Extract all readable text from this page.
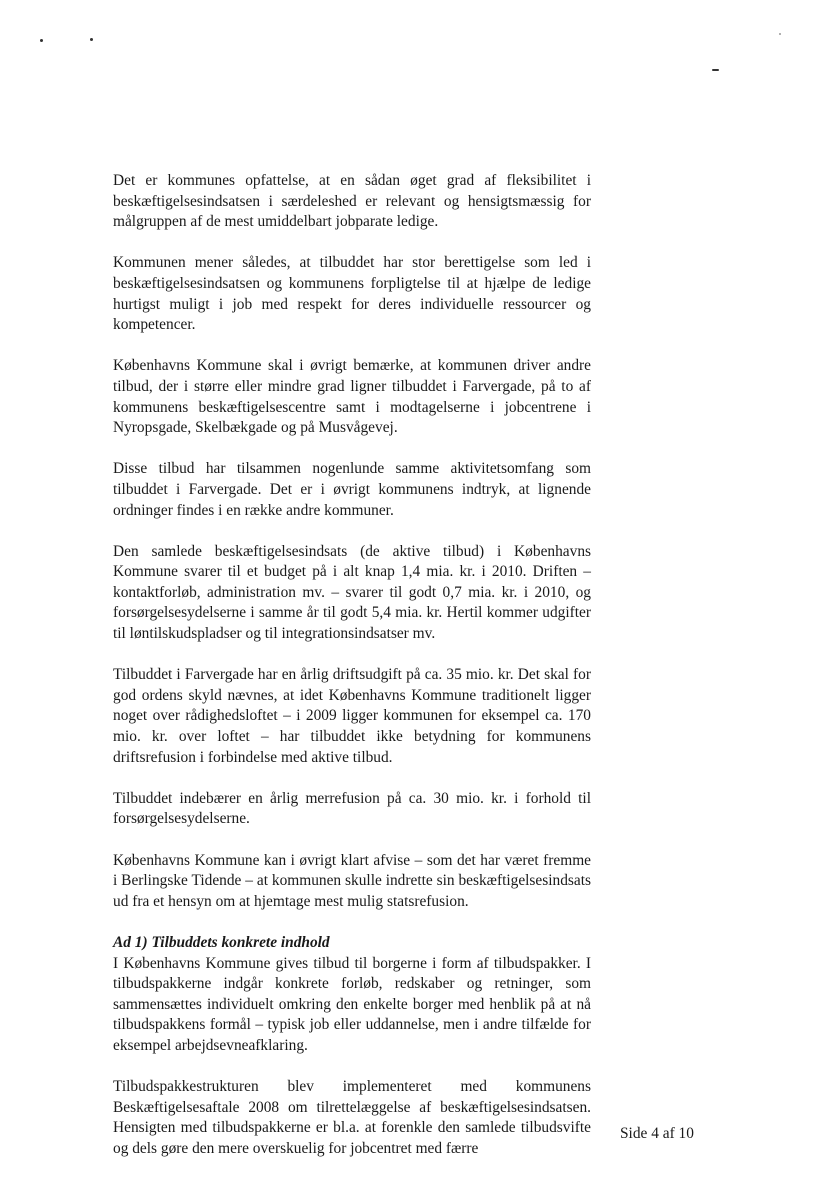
Det er kommunes opfattelse, at en sådan øget grad af fleksibilitet i beskæftigelsesindsatsen i særdeleshed er relevant og hensigtsmæssig for målgruppen af de mest umiddelbart jobparate ledige.

Kommunen mener således, at tilbuddet har stor berettigelse som led i beskæftigelsesindsatsen og kommunens forpligtelse til at hjælpe de ledige hurtigst muligt i job med respekt for deres individuelle ressourcer og kompetencer.

Københavns Kommune skal i øvrigt bemærke, at kommunen driver andre tilbud, der i større eller mindre grad ligner tilbuddet i Farvergade, på to af kommunens beskæftigelsescentre samt i modtagelserne i jobcentrene i Nyropsgade, Skelbækgade og på Musvågevej.

Disse tilbud har tilsammen nogenlunde samme aktivitetsomfang som tilbuddet i Farvergade. Det er i øvrigt kommunens indtryk, at lignende ordninger findes i en række andre kommuner.

Den samlede beskæftigelsesindsats (de aktive tilbud) i Københavns Kommune svarer til et budget på i alt knap 1,4 mia. kr. i 2010. Driften – kontaktforløb, administration mv. – svarer til godt 0,7 mia. kr. i 2010, og forsørgelsesydelserne i samme år til godt 5,4 mia. kr. Hertil kommer udgifter til løntilskudspladser og til integrationsindsatser mv.

Tilbuddet i Farvergade har en årlig driftsudgift på ca. 35 mio. kr. Det skal for god ordens skyld nævnes, at idet Københavns Kommune traditionelt ligger noget over rådighedsloftet – i 2009 ligger kommunen for eksempel ca. 170 mio. kr. over loftet – har tilbuddet ikke betydning for kommunens driftsrefusion i forbindelse med aktive tilbud.

Tilbuddet indebærer en årlig merrefusion på ca. 30 mio. kr. i forhold til forsørgelsesydelserne.

Københavns Kommune kan i øvrigt klart afvise – som det har været fremme i Berlingske Tidende – at kommunen skulle indrette sin beskæftigelsesindsats ud fra et hensyn om at hjemtage mest mulig statsrefusion.

Ad 1) Tilbuddets konkrete indhold

I Københavns Kommune gives tilbud til borgerne i form af tilbudspakker. I tilbudspakkerne indgår konkrete forløb, redskaber og retninger, som sammensættes individuelt omkring den enkelte borger med henblik på at nå tilbudspakkens formål – typisk job eller uddannelse, men i andre tilfælde for eksempel arbejdsevneafklaring.

Tilbudspakkestrukturen blev implementeret med kommunens Beskæftigelsesaftale 2008 om tilrettelæggelse af beskæftigelsesindsatsen. Hensigten med tilbudspakkerne er bl.a. at forenkle den samlede tilbudsvifte og dels gøre den mere overskuelig for jobcentret med færre

Side 4 af 10
